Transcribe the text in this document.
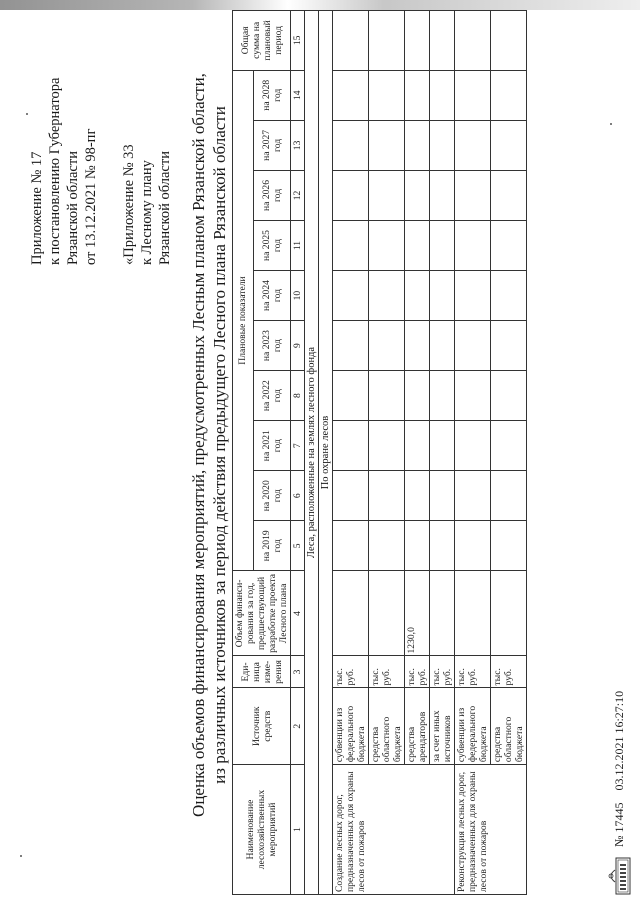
Приложение № 17 к постановлению Губернатора Рязанской области от 13.12.2021 № 98-пг «Приложение № 33 к Лесному плану Рязанской области Оценка объемов финансирования мероприятий, предусмотренных Лесным планом Рязанской области, из различных источников за период действия предыдущего Лесного плана Рязанской области
Наименование лесохозяйственных мероприятий	Источник средств	Еди- ница изме- рения	Объем финанси- рования за год, предшествующий разработке проекта Лесного плана	Плановые показатели										Общая сумма на плановый период
				на 2019 год	на 2020 год	на 2021 год	на 2022 год	на 2023 год	на 2024 год	на 2025 год	на 2026 год	на 2027 год	на 2028 год	
1	2	3	4	5	6	7	8	9	10	11	12	13	14	15
Леса, расположенные на землях лесного фонда														
По охране лесов														
Создание лесных дорог, предназначенных для охраны лесов от пожаров	субвенции из федерального бюджета	тыс. руб.												
	средства областного бюджета	тыс. руб.												
	средства арендаторов	тыс. руб.	1230,0											
	за счет иных источников	тыс. руб.												
Реконструкция лесных дорог, предназначенных для охраны лесов от пожаров	субвенции из федерального бюджета	тыс. руб.												
	средства областного бюджета	тыс. руб.												
№ 17445    03.12.2021 16:27:10
